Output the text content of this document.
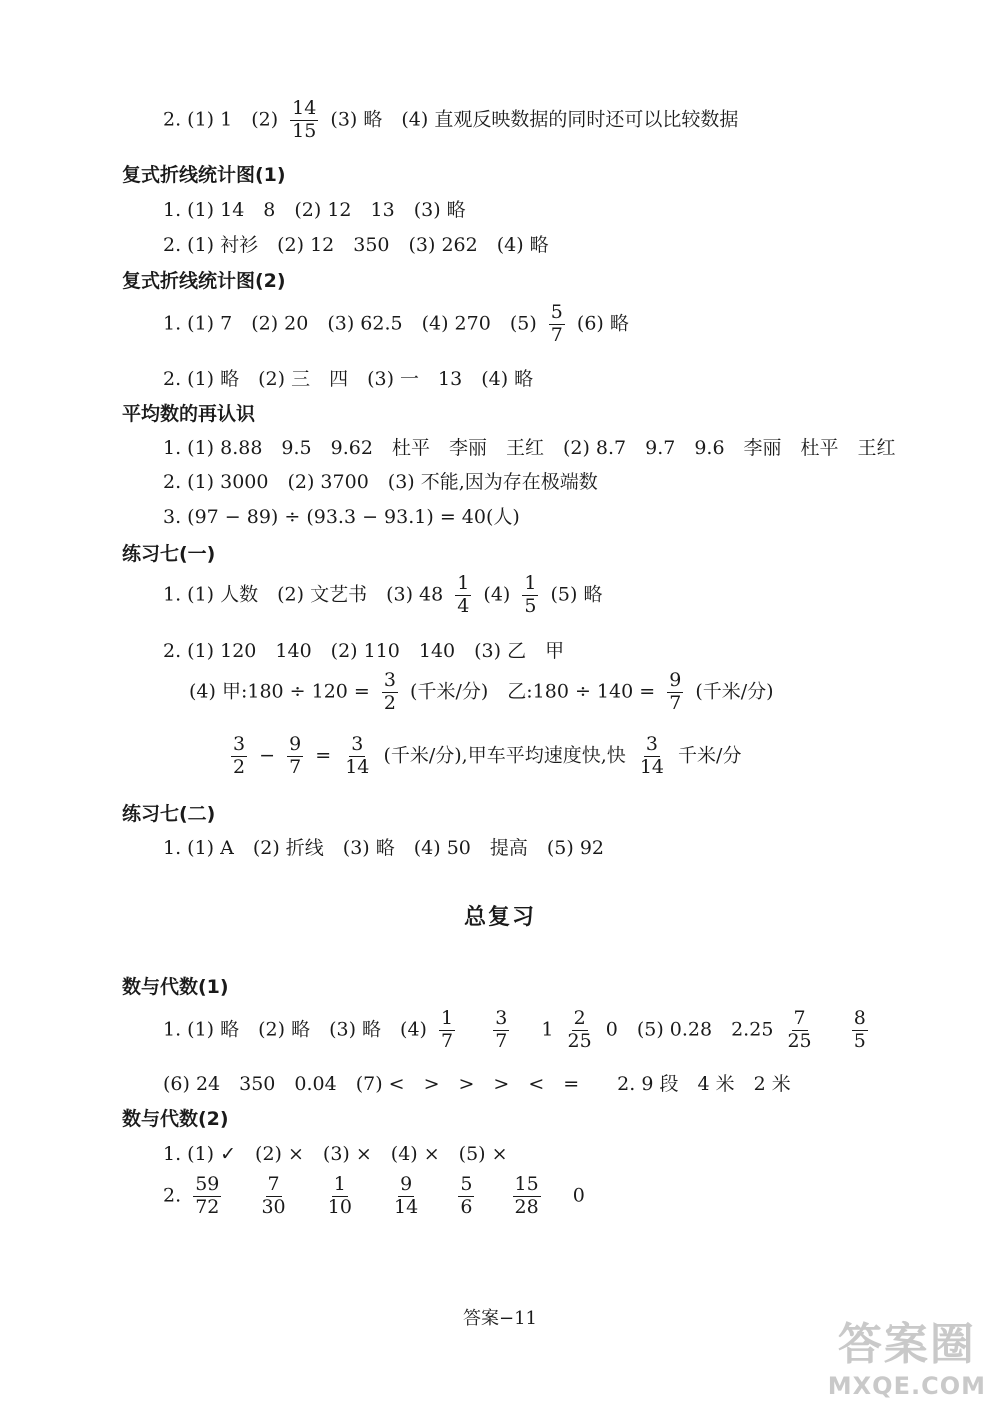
2. (1) 1　$(2) \frac{14}{15} (3)$ 略　(4) 直观反映数据的同时还可以比较数据
复式折线统计图(1)
1. (1) 14　8　(2) 12　13　(3) 略
2. (1) 衬衫　(2) 12　350　(3) 262　(4) 略
复式折线统计图(2)
1. (1) 7　(2) 20　(3) 62.5　(4) 270　$(5) \frac{5}{7} (6)$ 略
2. (1) 略　(2) 三　四　(3) 一　13　(4) 略
平均数的再认识
1. (1) 8.88　9.5　9.62　杜平　李丽　王红　(2) 8.7　9.7　9.6　李丽　杜平　王红
2. (1) 3000　(2) 3700　(3) 不能,因为存在极端数
3. (97 − 89) ÷ (93.3 − 93.1) = 40(人)
练习七(一)
1. (1) 人数　(2) 文艺书　(3) $48 \frac{1}{4} (4) \frac{1}{5} (5)$ 略
2. (1) 120　140　(2) 110　140　(3) 乙　甲
(4) 甲:180 ÷ $120 = \frac{3}{2}$ (千米/分)　乙:180 ÷ $140 = \frac{9}{7}$ (千米/分)
$\frac{3}{2} - \frac{9}{7} = \frac{3}{14}$ (千米/分),甲车平均速度快,快 $\frac{3}{14}$ 千米/分
练习七(二)
1. (1) A　(2) 折线　(3) 略　(4) 50　提高　(5) 92
总复习
数与代数(1)
1. (1) 略　(2) 略　(3) 略　$(4) \frac{1}{7}$
$\frac{3}{7} 1 \frac{2}{25} 0$　(5) 0.28　$2.25 \frac{7}{25}$
$\frac{8}{5}$
(6) 24　350　0.04　(7) <　>　>　>　<　=　　2. 9 段　4 米　2 米
数与代数(2)
1. (1) ✓　(2) ×　(3) ×　(4) ×　(5) ×
2. $\frac{59}{72}$
$\frac{7}{30}$
$\frac{1}{10}$
$\frac{9}{14}$
$\frac{5}{6}$
$\frac{15}{28} 0$
答案−11
答案圈
MXQE.COM
